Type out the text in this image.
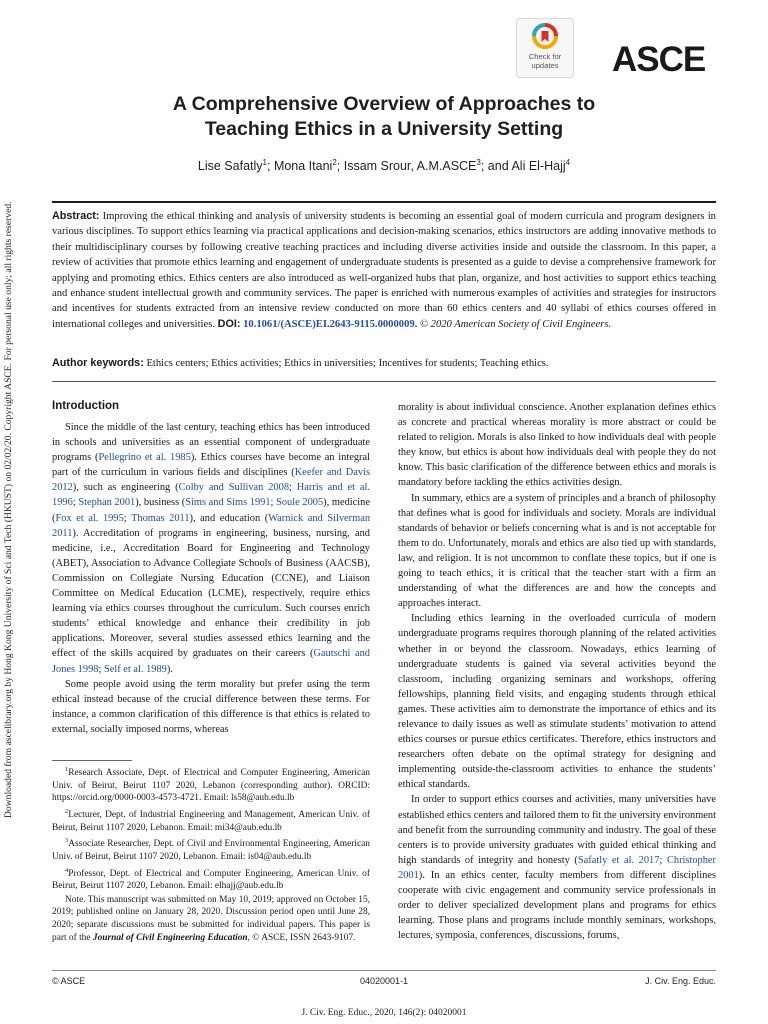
Downloaded from ascelibrary.org by Hong Kong University of Sci and Tech (HKUST) on 02/02/20. Copyright ASCE. For personal use only; all rights reserved.
Check for
updates ASCE
A Comprehensive Overview of Approaches to
Teaching Ethics in a University Setting
Lise Safatly$^1$; Mona Itani$^2$; Issam Srour, A.M.ASCE$^3$; and Ali El-Hajj$^4$
Abstract: Improving the ethical thinking and analysis of university students is becoming an essential goal of modern curricula and program designers in various disciplines. To support ethics learning via practical applications and decision-making scenarios, ethics instructors are adding innovative methods to their multidisciplinary courses by following creative teaching practices and including diverse activities inside and outside the classroom. In this paper, a review of activities that promote ethics learning and engagement of undergraduate students is presented as a guide to devise a comprehensive framework for applying and promoting ethics. Ethics centers are also introduced as well-organized hubs that plan, organize, and host activities to support ethics teaching and enhance student intellectual growth and community services. The paper is enriched with numerous examples of activities and strategies for instructors and incentives for students extracted from an intensive review conducted on more than 60 ethics centers and 40 syllabi of ethics courses offered in international colleges and universities. DOI: 10.1061/(ASCE)EI.2643-9115.0000009. © 2020 American Society of Civil Engineers.
Author keywords: Ethics centers; Ethics activities; Ethics in universities; Incentives for students; Teaching ethics.
Introduction

Since the middle of the last century, teaching ethics has been introduced in schools and universities as an essential component of undergraduate programs (Pellegrino et al. 1985). Ethics courses have become an integral part of the curriculum in various fields and disciplines (Keefer and Davis 2012), such as engineering (Colby and Sullivan 2008; Harris and et al. 1996; Stephan 2001), business (Sims and Sims 1991; Soule 2005), medicine (Fox et al. 1995; Thomas 2011), and education (Warnick and Silverman 2011). Accreditation of programs in engineering, business, nursing, and medicine, i.e., Accreditation Board for Engineering and Technology (ABET), Association to Advance Collegiate Schools of Business (AACSB), Commission on Collegiate Nursing Education (CCNE), and Liaison Committee on Medical Education (LCME), respectively, require ethics learning via ethics courses throughout the curriculum. Such courses enrich students’ ethical knowledge and enhance their credibility in job applications. Moreover, several studies assessed ethics learning and the effect of the skills acquired by graduates on their careers (Gautschi and Jones 1998; Self et al. 1989).

Some people avoid using the term morality but prefer using the term ethical instead because of the crucial difference between these terms. For instance, a common clarification of this difference is that ethics is related to external, socially imposed norms, whereas

$^1$Research Associate, Dept. of Electrical and Computer Engineering, American Univ. of Beirut, Beirut 1107 2020, Lebanon (corresponding author). ORCID: https://orcid.org/0000-0003-4573-4721. Email: ls58@aub.edu.lb

$^2$Lecturer, Dept. of Industrial Engineering and Management, American Univ. of Beirut, Beirut 1107 2020, Lebanon. Email: mi34@aub.edu.lb

$^3$Associate Researcher, Dept. of Civil and Environmental Engineering, American Univ. of Beirut, Beirut 1107 2020, Lebanon. Email: is04@aub.edu.lb

$^4$Professor, Dept. of Electrical and Computer Engineering, American Univ. of Beirut, Beirut 1107 2020, Lebanon. Email: elhajj@aub.edu.lb

Note. This manuscript was submitted on May 10, 2019; approved on October 15, 2019; published online on January 28, 2020. Discussion period open until June 28, 2020; separate discussions must be submitted for individual papers. This paper is part of the Journal of Civil Engineering Education, © ASCE, ISSN 2643-9107.

morality is about individual conscience. Another explanation defines ethics as concrete and practical whereas morality is more abstract or could be related to religion. Morals is also linked to how individuals deal with people they know, but ethics is about how individuals deal with people they do not know. This basic clarification of the difference between ethics and morals is mandatory before tackling the ethics activities design.

In summary, ethics are a system of principles and a branch of philosophy that defines what is good for individuals and society. Morals are individual standards of behavior or beliefs concerning what is and is not acceptable for them to do. Unfortunately, morals and ethics are also tied up with standards, law, and religion. It is not uncommon to conflate these topics, but if one is going to teach ethics, it is critical that the teacher start with a firm an understanding of what the differences are and how the concepts and approaches interact.

Including ethics learning in the overloaded curricula of modern undergraduate programs requires thorough planning of the related activities whether in or beyond the classroom. Nowadays, ethics learning of undergraduate students is gained via several activities beyond the classroom, including organizing seminars and workshops, offering fellowships, planning field visits, and engaging students through ethical games. These activities aim to demonstrate the importance of ethics and its relevance to daily issues as well as stimulate students’ motivation to attend ethics courses or pursue ethics certificates. Therefore, ethics instructors and researchers often debate on the optimal strategy for designing and implementing outside-the-classroom activities to enhance the students’ ethical standards.

In order to support ethics courses and activities, many universities have established ethics centers and tailored them to fit the university environment and benefit from the surrounding community and industry. The goal of these centers is to provide university graduates with guided ethical thinking and high standards of integrity and honesty (Safatly et al. 2017; Christopher 2001). In an ethics center, faculty members from different disciplines cooperate with civic engagement and community service professionals in order to deliver specialized development plans and programs for ethics learning. Those plans and programs include monthly seminars, workshops, lectures, symposia, conferences, discussions, forums,

© ASCE	04020001-1	J. Civ. Eng. Educ.
J. Civ. Eng. Educ., 2020, 146(2): 04020001
